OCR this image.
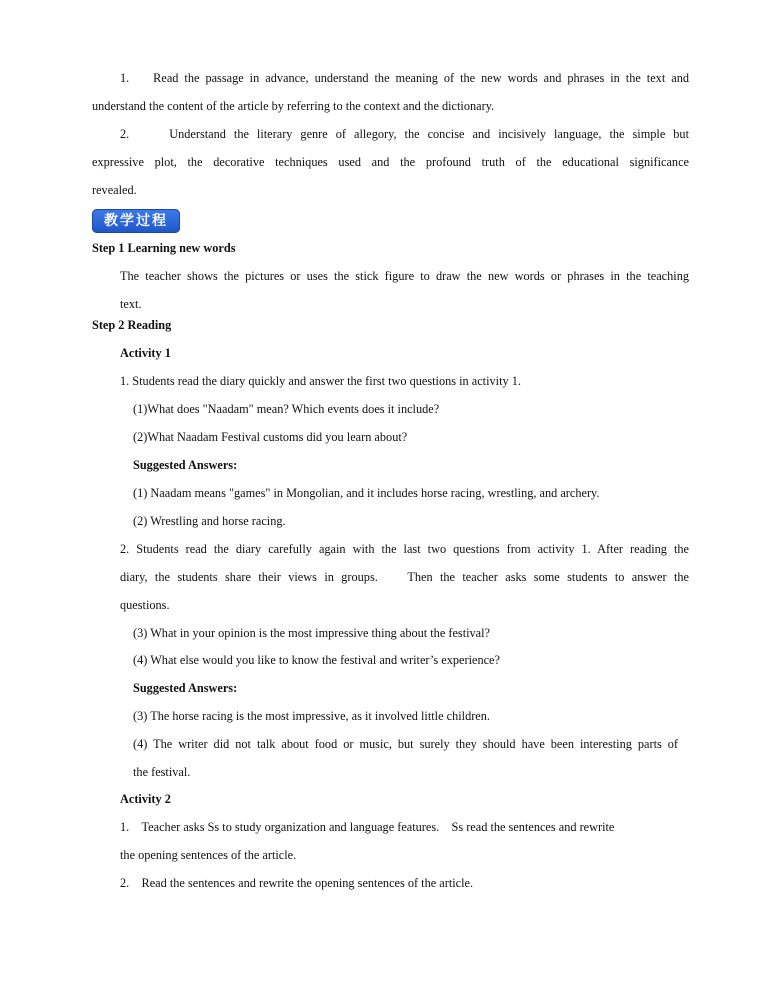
1.    Read the passage in advance, understand the meaning of the new words and phrases in the text and
understand the content of the article by referring to the context and the dictionary.
2.     Understand the literary genre of allegory, the concise and incisively language, the simple but
expressive plot, the decorative techniques used and the profound truth of the educational significance
revealed.
教学过程
Step 1 Learning new words
The teacher shows the pictures or uses the stick figure to draw the new words or phrases in the teaching
text.
Step 2 Reading
Activity 1
1. Students read the diary quickly and answer the first two questions in activity 1.
(1)What does "Naadam" mean? Which events does it include?
(2)What Naadam Festival customs did you learn about?
Suggested Answers:
(1) Naadam means "games" in Mongolian, and it includes horse racing, wrestling, and archery.
(2) Wrestling and horse racing.
2. Students read the diary carefully again with the last two questions from activity 1. After reading the
diary, the students share their views in groups.    Then the teacher asks some students to answer the
questions.
(3) What in your opinion is the most impressive thing about the festival?
(4) What else would you like to know the festival and writer’s experience?
Suggested Answers:
(3) The horse racing is the most impressive, as it involved little children.
(4) The writer did not talk about food or music, but surely they should have been interesting parts of
the festival.
Activity 2
1.    Teacher asks Ss to study organization and language features.    Ss read the sentences and rewrite
the opening sentences of the article.
2.    Read the sentences and rewrite the opening sentences of the article.
